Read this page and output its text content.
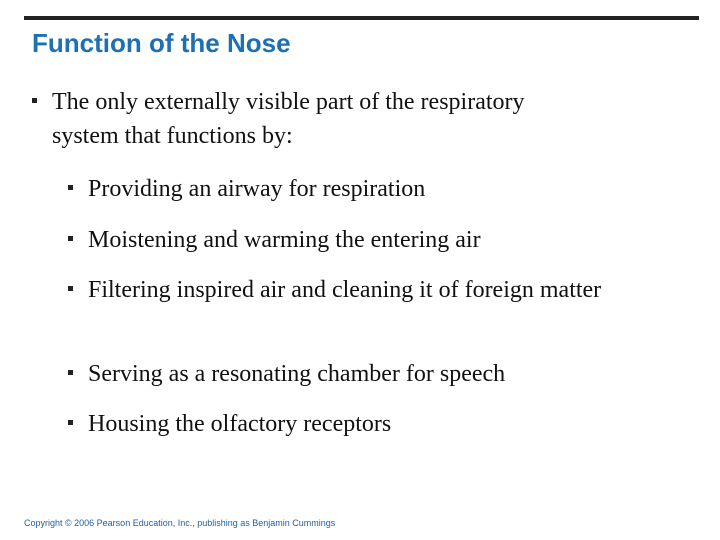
Function of the Nose
The only externally visible part of the respiratory
system that functions by:
Providing an airway for respiration
Moistening and warming the entering air
Filtering inspired air and cleaning it of foreign matter
Serving as a resonating chamber for speech
Housing the olfactory receptors

Copyright © 2006 Pearson Education, Inc., publishing as Benjamin Cummings
